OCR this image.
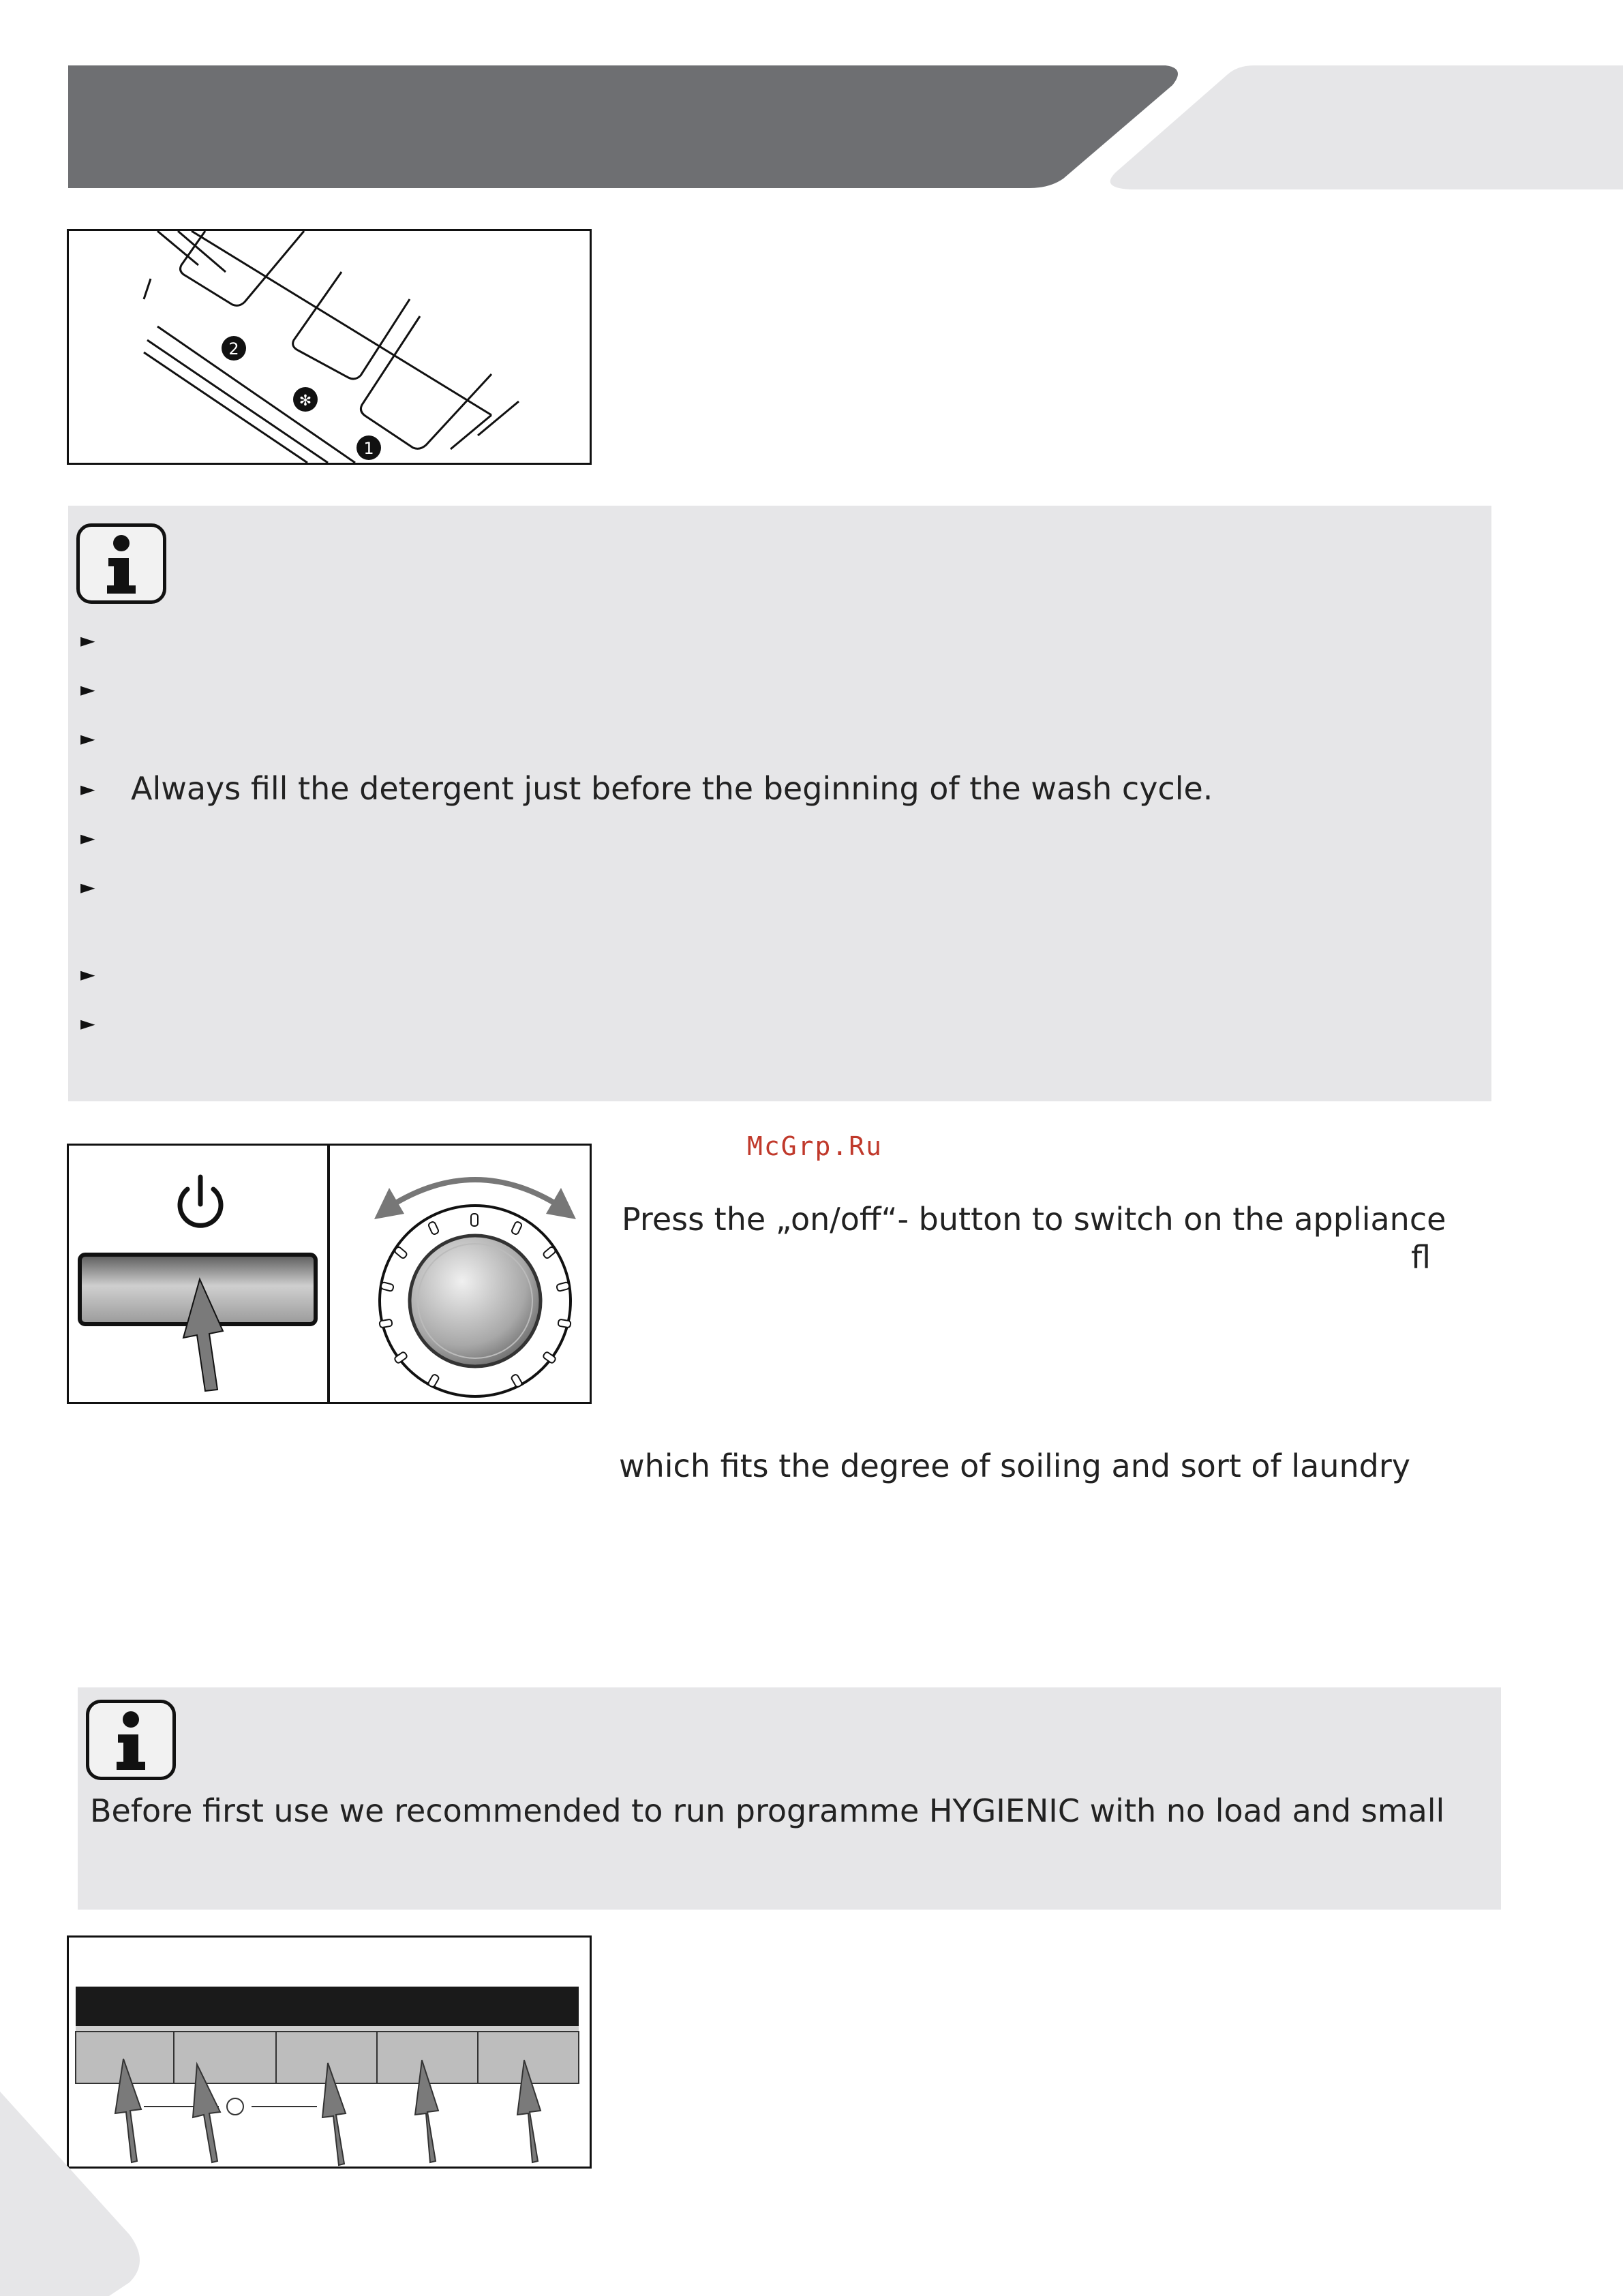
2
✻
1
►
►
►
► Always fill the detergent just before the beginning of the wash cycle.
►
►
►
►
McGrp.Ru
Press the „on/off“- button to switch on the appliance
fl
which fits the degree of soiling and sort of laundry
Before first use we recommended to run programme HYGIENIC with no load and small
